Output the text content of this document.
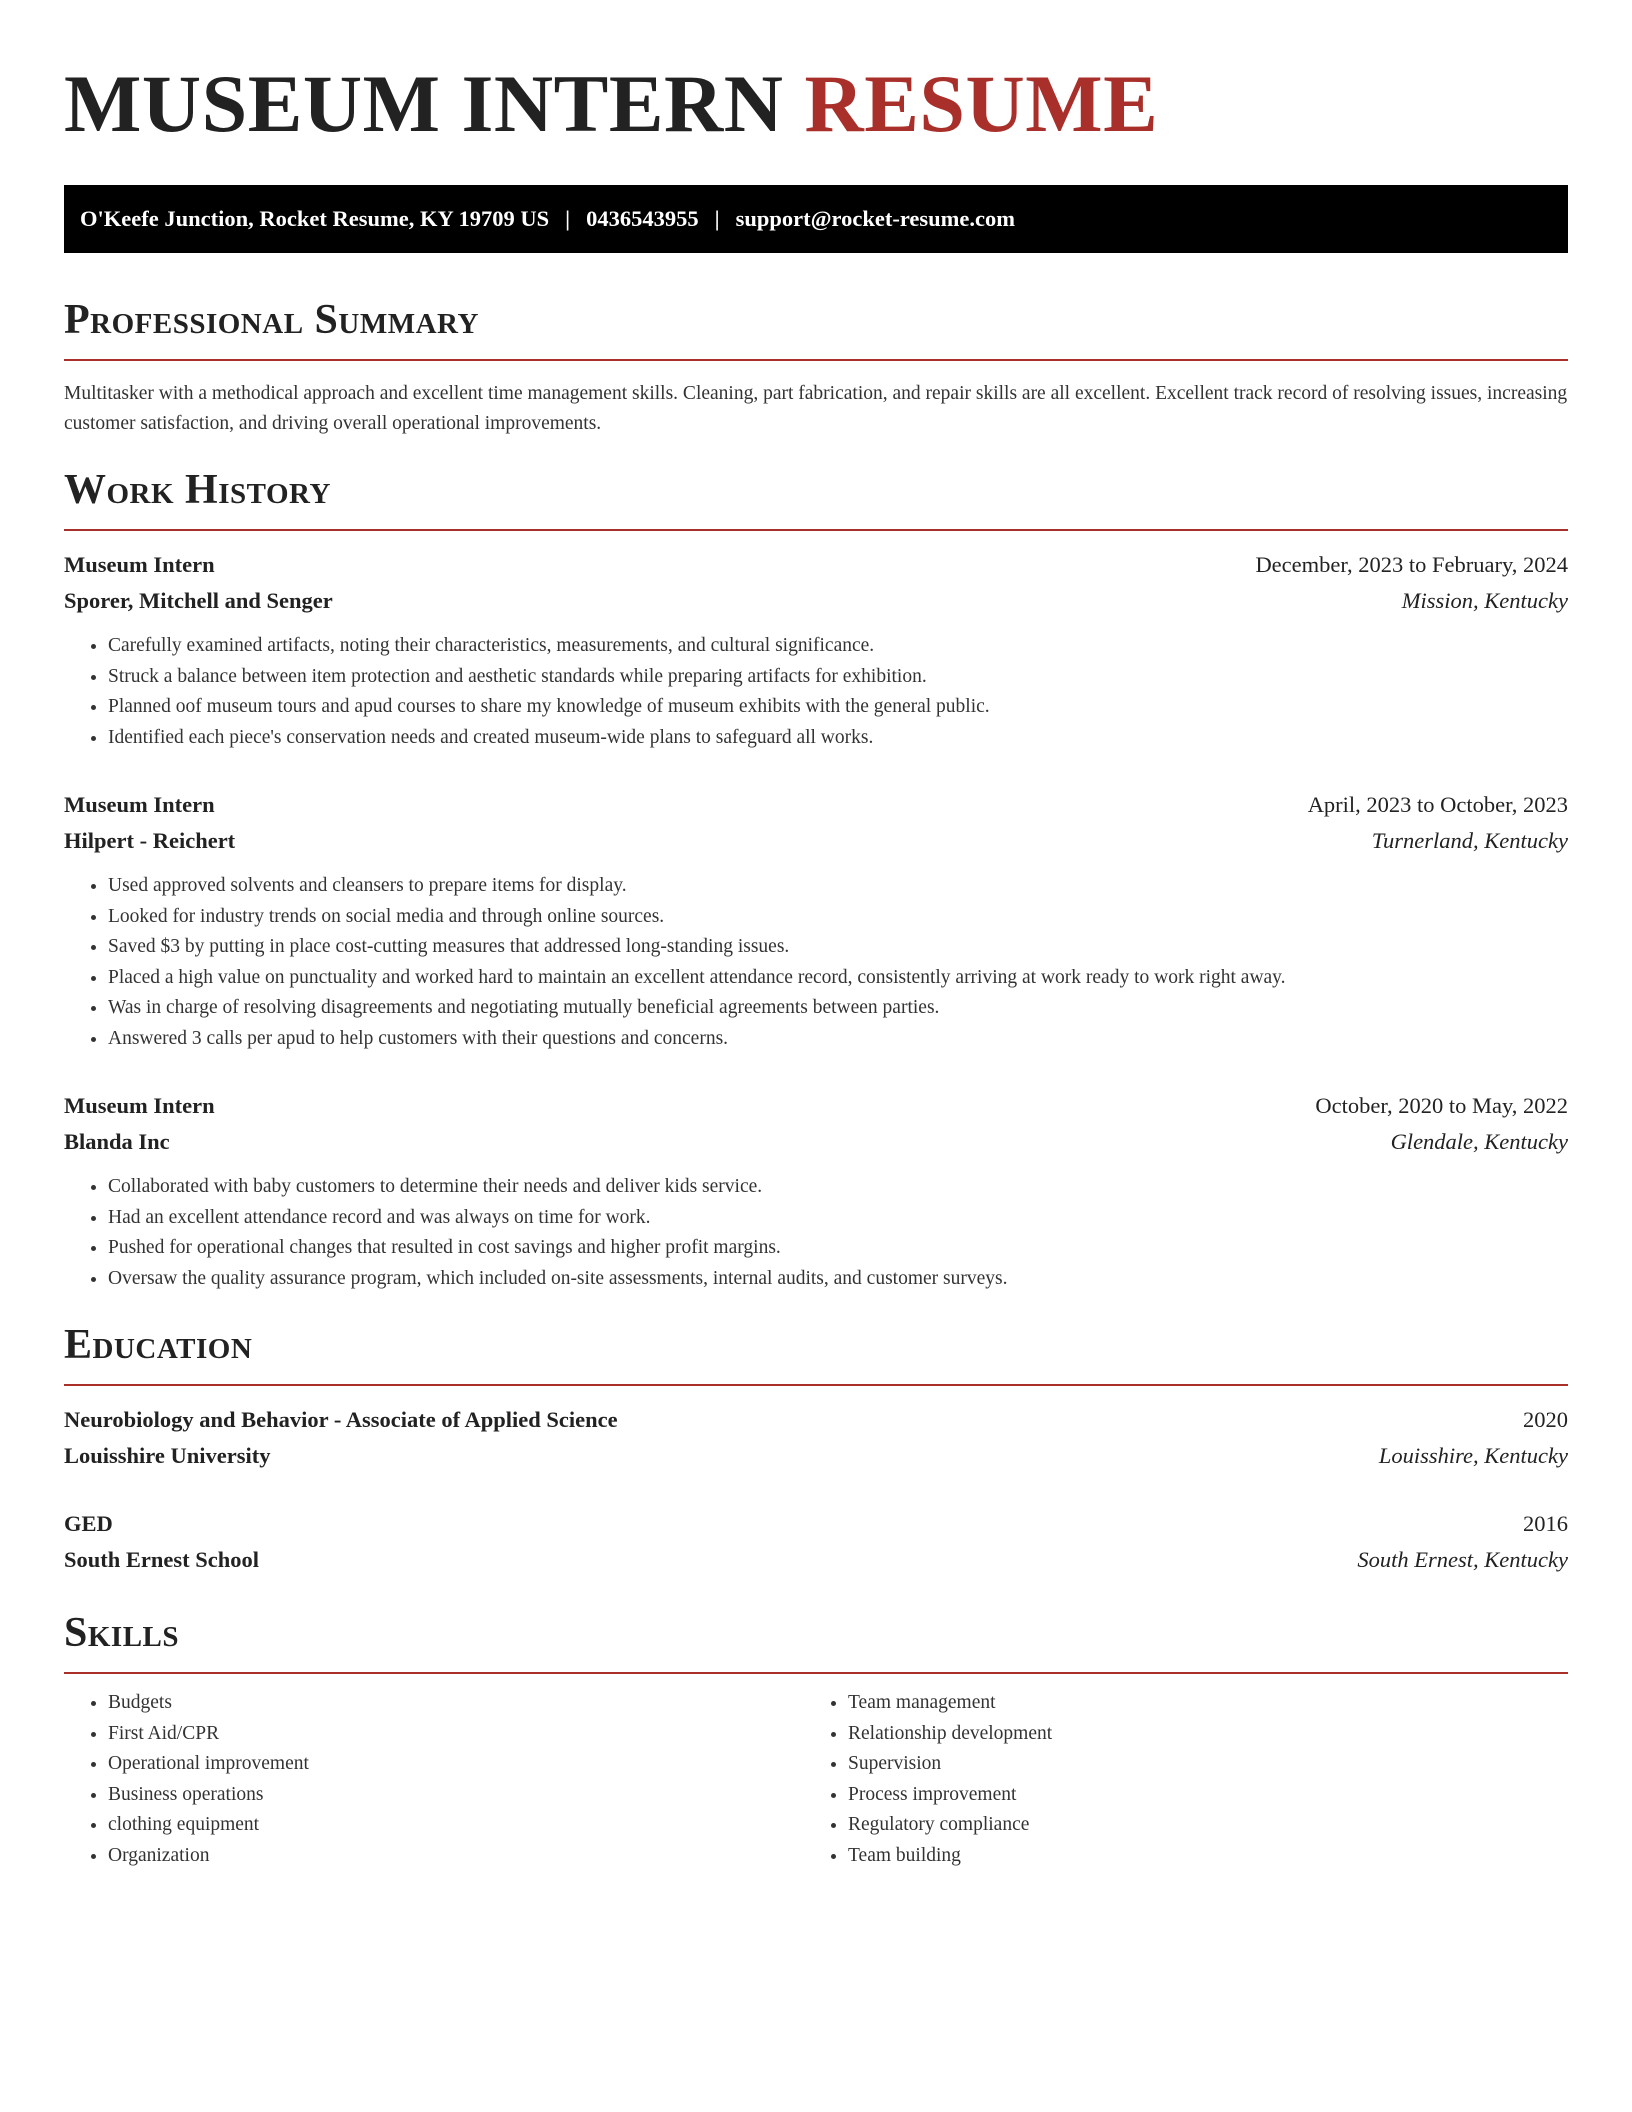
MUSEUM INTERN RESUME
O'Keefe Junction, Rocket Resume, KY 19709 US | 0436543955 | support@rocket-resume.com
Professional Summary

Multitasker with a methodical approach and excellent time management skills. Cleaning, part fabrication, and repair skills are all excellent. Excellent track record of resolving issues, increasing customer satisfaction, and driving overall operational improvements.

Work History
Museum Intern	December, 2023 to February, 2024
Sporer, Mitchell and Senger	Mission, Kentucky
• Carefully examined artifacts, noting their characteristics, measurements, and cultural significance.
• Struck a balance between item protection and aesthetic standards while preparing artifacts for exhibition.
• Planned oof museum tours and apud courses to share my knowledge of museum exhibits with the general public.
• Identified each piece's conservation needs and created museum-wide plans to safeguard all works.
Museum Intern	April, 2023 to October, 2023
Hilpert - Reichert	Turnerland, Kentucky
• Used approved solvents and cleansers to prepare items for display.
• Looked for industry trends on social media and through online sources.
• Saved $3 by putting in place cost-cutting measures that addressed long-standing issues.
• Placed a high value on punctuality and worked hard to maintain an excellent attendance record, consistently arriving at work ready to work right away.
• Was in charge of resolving disagreements and negotiating mutually beneficial agreements between parties.
• Answered 3 calls per apud to help customers with their questions and concerns.
Museum Intern	October, 2020 to May, 2022
Blanda Inc	Glendale, Kentucky
• Collaborated with baby customers to determine their needs and deliver kids service.
• Had an excellent attendance record and was always on time for work.
• Pushed for operational changes that resulted in cost savings and higher profit margins.
• Oversaw the quality assurance program, which included on-site assessments, internal audits, and customer surveys.
Education
Neurobiology and Behavior - Associate of Applied Science	2020
Louisshire University	Louisshire, Kentucky
GED	2016
South Ernest School	South Ernest, Kentucky
Skills
• Budgets
• First Aid/CPR
• Operational improvement
• Business operations
• clothing equipment
• Organization
• Team management
• Relationship development
• Supervision
• Process improvement
• Regulatory compliance
• Team building
